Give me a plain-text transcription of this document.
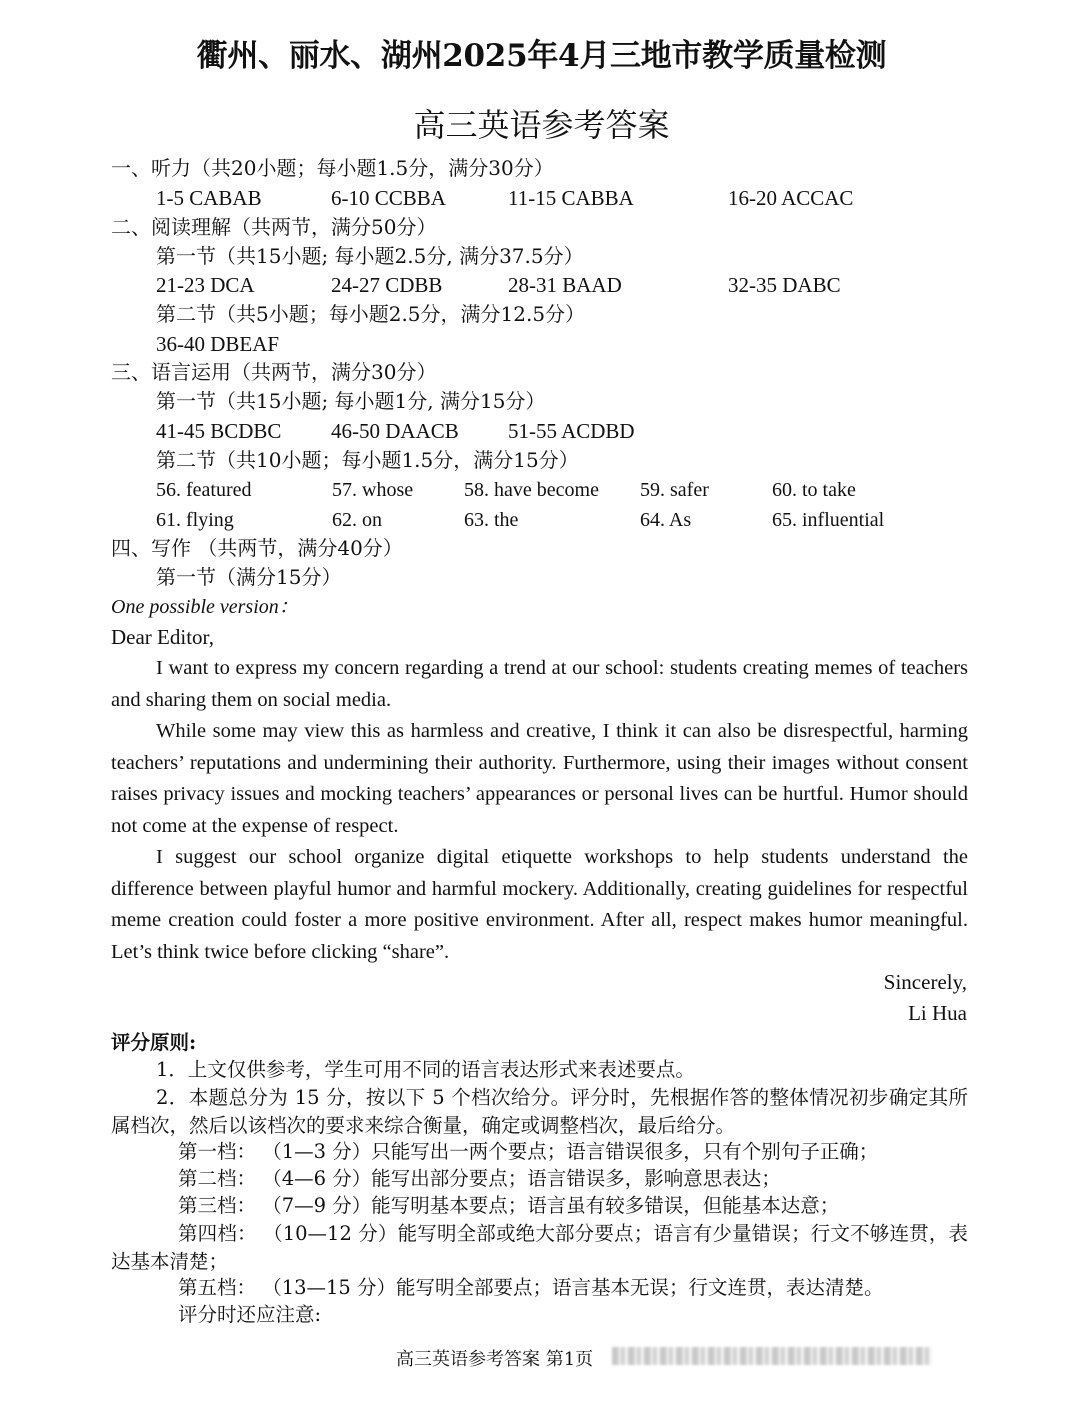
衢州、丽水、湖州2025年4月三地市教学质量检测
高三英语参考答案
一、听力（共20小题；每小题1.5分，满分30分）
1-5 CABAB	6-10 CCBBA	11-15 CABBA	16-20 ACCAC
二、阅读理解（共两节，满分50分）
第一节（共15小题; 每小题2.5分, 满分37.5分）
21-23 DCA	24-27 CDBB	28-31 BAAD	32-35 DABC
第二节（共5小题；每小题2.5分，满分12.5分）
36-40 DBEAF
三、语言运用（共两节，满分30分）
第一节（共15小题; 每小题1分, 满分15分）
41-45 BCDBC 46-50 DAACB 51-55 ACDBD
第二节（共10小题；每小题1.5分，满分15分）
56. featured	57. whose	58. have become 59. safer	60. to take
61. flying	62. on	63. the	64. As	65. influential
四、写作 （共两节，满分40分）
第一节（满分15分）
One possible version：
Dear Editor,
I want to express my concern regarding a trend at our school: students creating memes of teachers and sharing them on social media.
While some may view this as harmless and creative, I think it can also be disrespectful, harming teachers’ reputations and undermining their authority. Furthermore, using their images without consent raises privacy issues and mocking teachers’ appearances or personal lives can be hurtful. Humor should not come at the expense of respect.
I suggest our school organize digital etiquette workshops to help students understand the difference between playful humor and harmful mockery. Additionally, creating guidelines for respectful meme creation could foster a more positive environment. After all, respect makes humor meaningful. Let’s think twice before clicking “share”.
Sincerely,
Li Hua
评分原则:
1．上文仅供参考，学生可用不同的语言表达形式来表述要点。
2．本题总分为 15 分，按以下 5 个档次给分。评分时，先根据作答的整体情况初步确定其所属档次，然后以该档次的要求来综合衡量，确定或调整档次，最后给分。
第一档： （1—3 分）只能写出一两个要点；语言错误很多，只有个别句子正确；
第二档： （4—6 分）能写出部分要点；语言错误多，影响意思表达；
第三档： （7—9 分）能写明基本要点；语言虽有较多错误，但能基本达意；
第四档： （10—12 分）能写明全部或绝大部分要点；语言有少量错误；行文不够连贯，表达基本清楚；
第五档： （13—15 分）能写明全部要点；语言基本无误；行文连贯，表达清楚。
评分时还应注意:
高三英语参考答案 第1页
